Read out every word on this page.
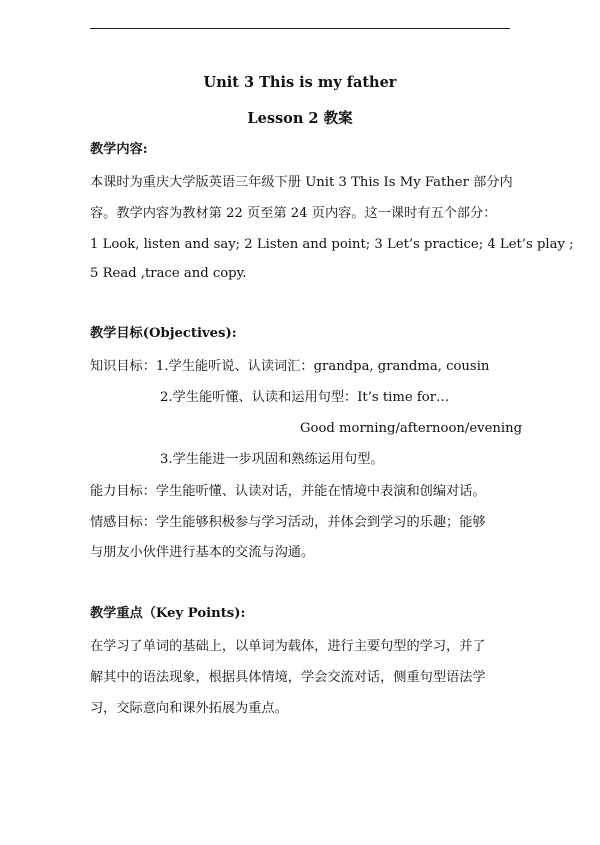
Unit 3 This is my father
Lesson 2 教案
教学内容:
本课时为重庆大学版英语三年级下册 Unit 3 This Is My Father 部分内
容。教学内容为教材第 22 页至第 24 页内容。这一课时有五个部分：
1 Look, listen and say; 2 Listen and point; 3 Let’s practice; 4 Let’s play ;
5 Read ,trace and copy.
教学目标(Objectives):
知识目标：1.学生能听说、认读词汇：grandpa, grandma, cousin
2.学生能听懂、认读和运用句型：It’s time for…
Good morning/afternoon/evening
3.学生能进一步巩固和熟练运用句型。
能力目标：学生能听懂、认读对话，并能在情境中表演和创编对话。
情感目标：学生能够积极参与学习活动，并体会到学习的乐趣；能够
与朋友小伙伴进行基本的交流与沟通。
教学重点（Key Points):
在学习了单词的基础上，以单词为载体，进行主要句型的学习，并了
解其中的语法现象，根据具体情境，学会交流对话，侧重句型语法学
习，交际意向和课外拓展为重点。
